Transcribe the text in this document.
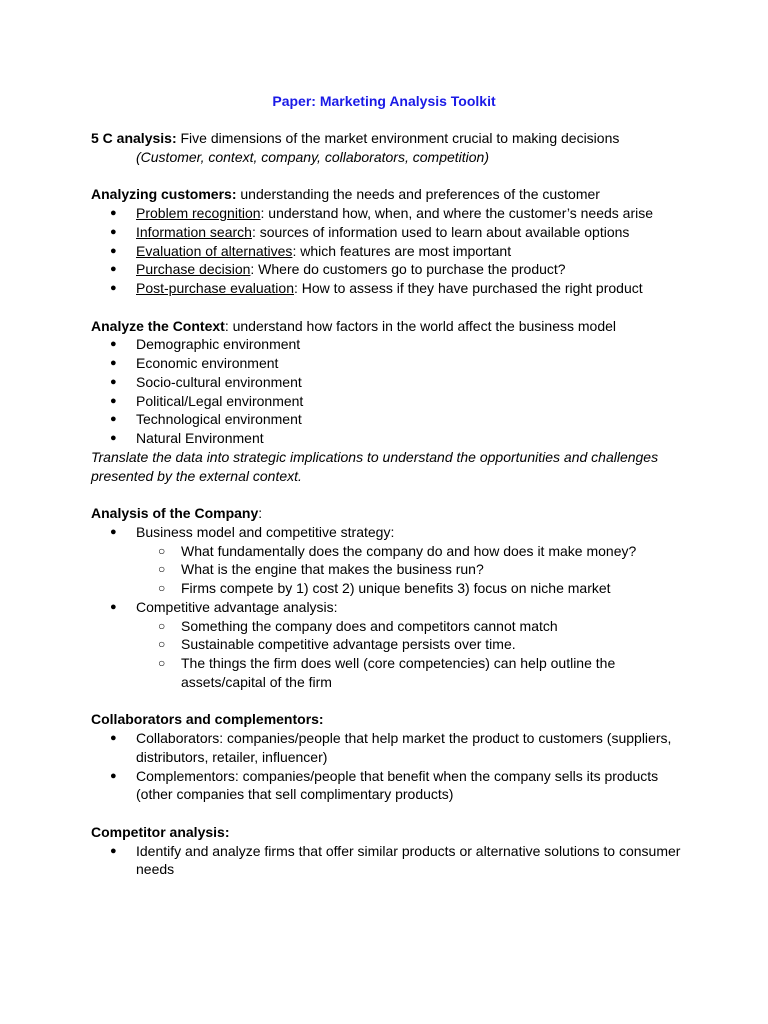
Paper: Marketing Analysis Toolkit

5 C analysis: Five dimensions of the market environment crucial to making decisions

(Customer, context, company, collaborators, competition)

Analyzing customers: understanding the needs and preferences of the customer

● Problem recognition: understand how, when, and where the customer’s needs arise
● Information search: sources of information used to learn about available options
● Evaluation of alternatives: which features are most important
● Purchase decision: Where do customers go to purchase the product?
● Post-purchase evaluation: How to assess if they have purchased the right product

Analyze the Context: understand how factors in the world affect the business model

● Demographic environment
● Economic environment
● Socio-cultural environment
● Political/Legal environment
● Technological environment
● Natural Environment

Translate the data into strategic implications to understand the opportunities and challenges presented by the external context.

Analysis of the Company:

● Business model and competitive strategy:
○ What fundamentally does the company do and how does it make money?
○ What is the engine that makes the business run?
○ Firms compete by 1) cost 2) unique benefits 3) focus on niche market
● Competitive advantage analysis:
○ Something the company does and competitors cannot match
○ Sustainable competitive advantage persists over time.
○ The things the firm does well (core competencies) can help outline the assets/capital of the firm

Collaborators and complementors:

● Collaborators: companies/people that help market the product to customers (suppliers, distributors, retailer, influencer)
● Complementors: companies/people that benefit when the company sells its products (other companies that sell complimentary products)

Competitor analysis:

● Identify and analyze firms that offer similar products or alternative solutions to consumer needs
